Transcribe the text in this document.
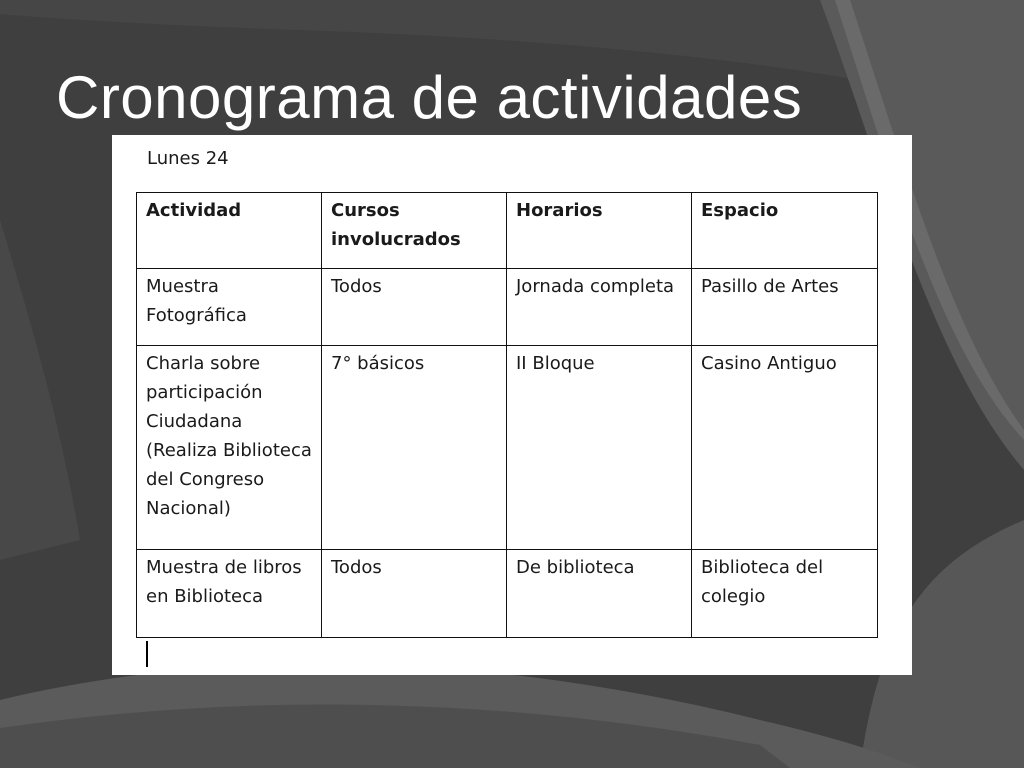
Cronograma de actividades
Lunes 24
Actividad	Cursos involucrados	Horarios	Espacio
Muestra Fotográfica	Todos	Jornada completa	Pasillo de Artes
Charla sobre participación Ciudadana (Realiza Biblioteca del Congreso Nacional)	7° básicos	II Bloque	Casino Antiguo
Muestra de libros en Biblioteca	Todos	De biblioteca	Biblioteca del colegio
